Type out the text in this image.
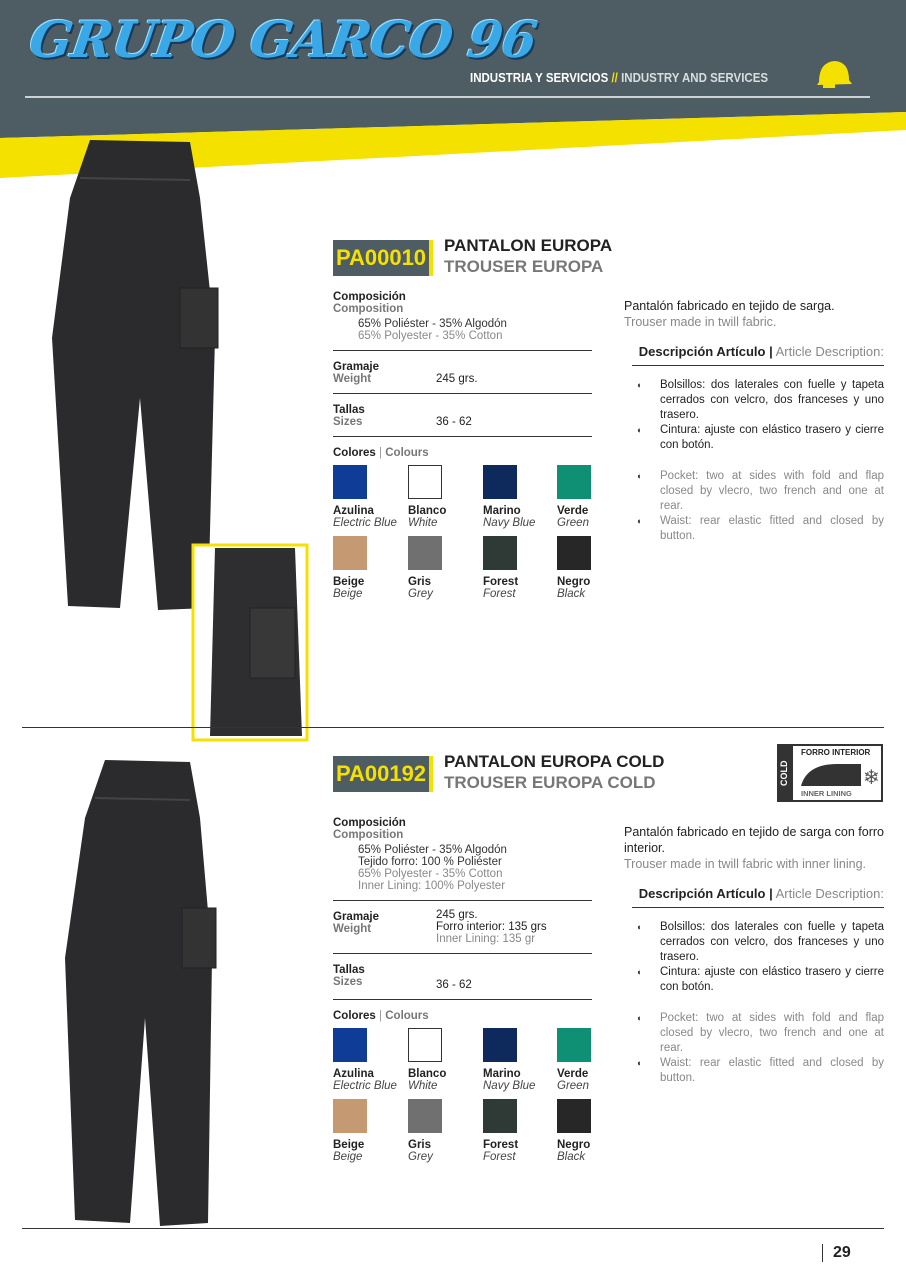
GRUPO GARCO 96
INDUSTRIA Y SERVICIOS // INDUSTRY AND SERVICES
PA00010	PANTALON EUROPA
TROUSER EUROPA
Composición
Composition
65% Poliéster - 35% Algodón
65% Polyester - 35% Cotton
Gramaje
Weight	245 grs.
Tallas
Sizes	36 - 62
Colores | Colours
Azulina
Electric Blue
Blanco
White
Marino
Navy Blue
Verde
Green
Beige
Beige
Gris
Grey
Forest
Forest
Negro
Black

Pantalón fabricado en tejido de sarga.

Trouser made in twill fabric.

Descripción Artículo | Article Description:
◖ Bolsillos: dos laterales con fuelle y tapeta cerrados con velcro, dos franceses y uno trasero.
◖ Cintura: ajuste con elástico trasero y cierre con botón.
◖ Pocket: two at sides with fold and flap closed by vlecro, two french and one at rear.
◖ Waist: rear elastic fitted and closed by button.
PA00192	PANTALON EUROPA COLD
TROUSER EUROPA COLD
Composición
Composition
65% Poliéster - 35% Algodón
Tejido forro: 100 % Poliéster
65% Polyester - 35% Cotton
Inner Lining: 100% Polyester
Gramaje
Weight
245 grs.
Forro interior: 135 grs
Inner Lining: 135 gr
Tallas
Sizes	36 - 62
Colores | Colours
Azulina
Electric Blue
Blanco
White
Marino
Navy Blue
Verde
Green
Beige
Beige
Gris
Grey
Forest
Forest
Negro
Black

Pantalón fabricado en tejido de sarga con forro interior.

Trouser made in twill fabric with inner lining.

Descripción Artículo | Article Description:
◖ Bolsillos: dos laterales con fuelle y tapeta cerrados con velcro, dos franceses y uno trasero.
◖ Cintura: ajuste con elástico trasero y cierre con botón.
◖ Pocket: two at sides with fold and flap closed by vlecro, two french and one at rear.
◖ Waist: rear elastic fitted and closed by button.
COLD
FORRO INTERIOR
❄
INNER LINING
29
